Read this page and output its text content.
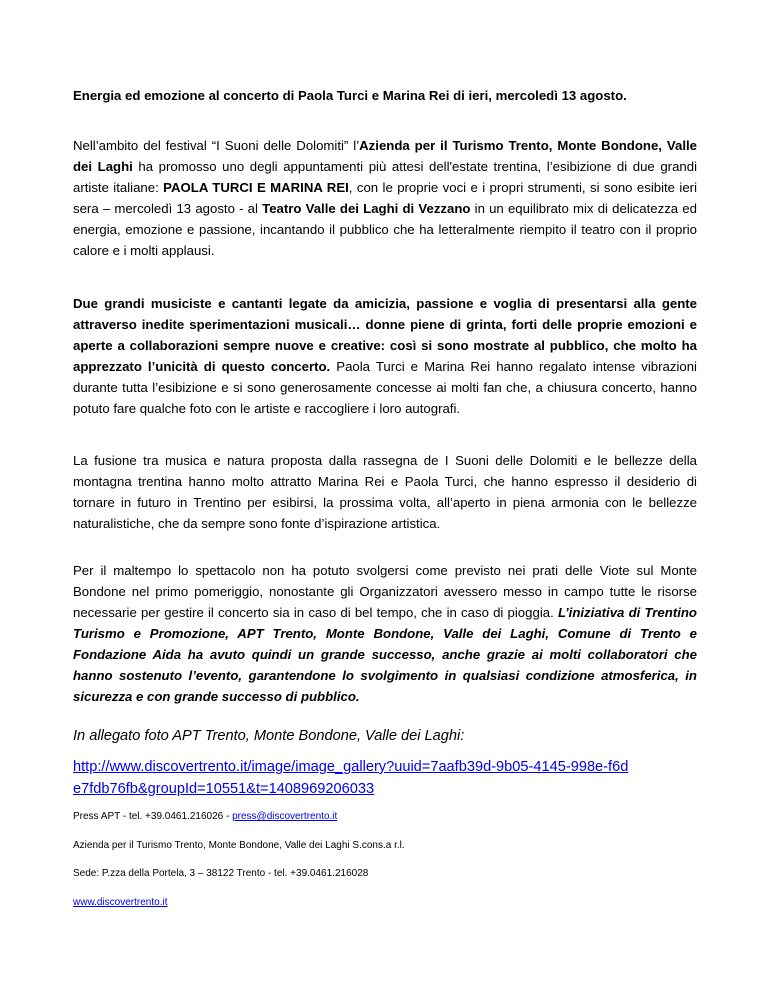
Energia ed emozione al concerto di Paola Turci e Marina Rei di ieri, mercoledì 13 agosto.
Nell’ambito del festival “I Suoni delle Dolomiti” l’Azienda per il Turismo Trento, Monte Bondone, Valle dei Laghi ha promosso uno degli appuntamenti più attesi dell'estate trentina, l’esibizione di due grandi artiste italiane: PAOLA TURCI E MARINA REI, con le proprie voci e i propri strumenti, si sono esibite ieri sera – mercoledì 13 agosto - al Teatro Valle dei Laghi di Vezzano in un equilibrato mix di delicatezza ed energia, emozione e passione, incantando il pubblico che ha letteralmente riempito il teatro con il proprio calore e i molti applausi.
Due grandi musiciste e cantanti legate da amicizia, passione e voglia di presentarsi alla gente attraverso inedite sperimentazioni musicali… donne piene di grinta, forti delle proprie emozioni e aperte a collaborazioni sempre nuove e creative: così si sono mostrate al pubblico, che molto ha apprezzato l’unicità di questo concerto. Paola Turci e Marina Rei hanno regalato intense vibrazioni durante tutta l’esibizione e si sono generosamente concesse ai molti fan che, a chiusura concerto, hanno potuto fare qualche foto con le artiste e raccogliere i loro autografi.
La fusione tra musica e natura proposta dalla rassegna de I Suoni delle Dolomiti e le bellezze della montagna trentina hanno molto attratto Marina Rei e Paola Turci, che hanno espresso il desiderio di tornare in futuro in Trentino per esibirsi, la prossima volta, all’aperto in piena armonia con le bellezze naturalistiche, che da sempre sono fonte d’ispirazione artistica.
Per il maltempo lo spettacolo non ha potuto svolgersi come previsto nei prati delle Viote sul Monte Bondone nel primo pomeriggio, nonostante gli Organizzatori avessero messo in campo tutte le risorse necessarie per gestire il concerto sia in caso di bel tempo, che in caso di pioggia. L’iniziativa di Trentino Turismo e Promozione, APT Trento, Monte Bondone, Valle dei Laghi, Comune di Trento e Fondazione Aida ha avuto quindi un grande successo, anche grazie ai molti collaboratori che hanno sostenuto l’evento, garantendone lo svolgimento in qualsiasi condizione atmosferica, in sicurezza e con grande successo di pubblico.
In allegato foto APT Trento, Monte Bondone, Valle dei Laghi:
http://www.discovertrento.it/image/image_gallery?uuid=7aafb39d-9b05-4145-998e-f6de7fdb76fb&groupId=10551&t=1408969206033
Press APT - tel. +39.0461.216026 - press@discovertrento.it
Azienda per il Turismo Trento, Monte Bondone, Valle dei Laghi S.cons.a r.l.
Sede: P.zza della Portela, 3 – 38122 Trento - tel. +39.0461.216028
www.discovertrento.it
